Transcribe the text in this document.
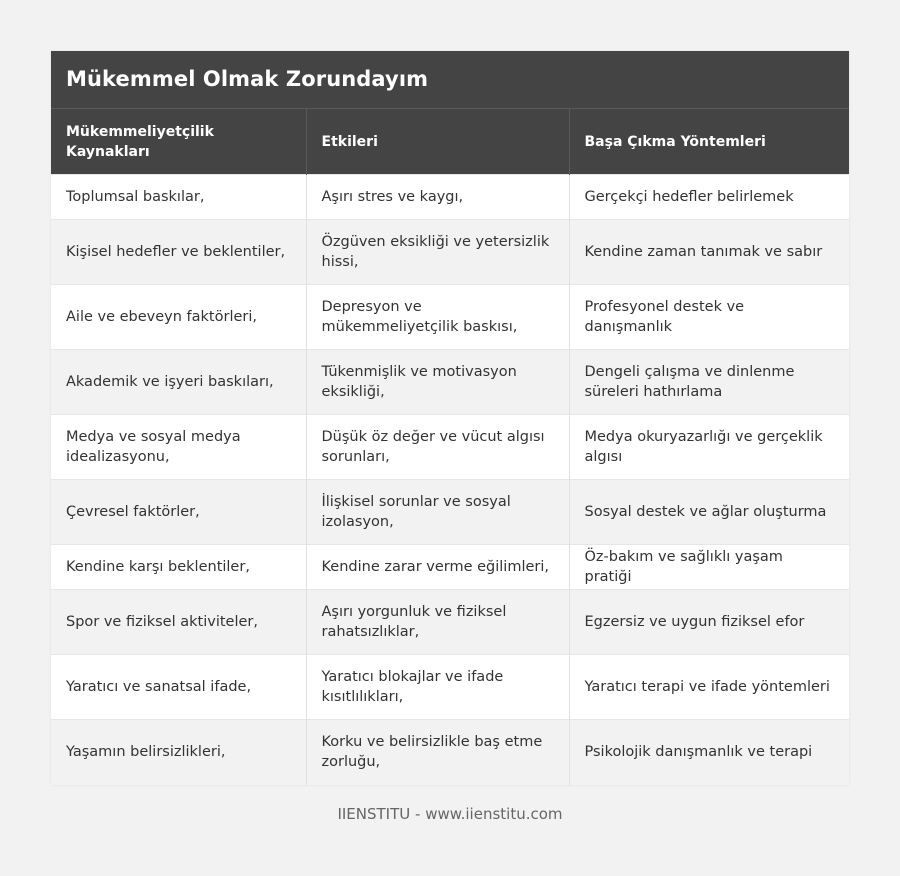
Mükemmel Olmak Zorundayım
Mükemmeliyetçilik Kaynakları	Etkileri	Başa Çıkma Yöntemleri
Toplumsal baskılar,	Aşırı stres ve kaygı,	Gerçekçi hedefler belirlemek
Kişisel hedefler ve beklentiler,	Özgüven eksikliği ve yetersizlik hissi,	Kendine zaman tanımak ve sabır
Aile ve ebeveyn faktörleri,	Depresyon ve mükemmeliyetçilik baskısı,	Profesyonel destek ve danışmanlık
Akademik ve işyeri baskıları,	Tükenmişlik ve motivasyon eksikliği,	Dengeli çalışma ve dinlenme süreleri hathırlama
Medya ve sosyal medya idealizasyonu,	Düşük öz değer ve vücut algısı sorunları,	Medya okuryazarlığı ve gerçeklik algısı
Çevresel faktörler,	İlişkisel sorunlar ve sosyal izolasyon,	Sosyal destek ve ağlar oluşturma
Kendine karşı beklentiler,	Kendine zarar verme eğilimleri,	Öz-bakım ve sağlıklı yaşam pratiği
Spor ve fiziksel aktiviteler,	Aşırı yorgunluk ve fiziksel rahatsızlıklar,	Egzersiz ve uygun fiziksel efor
Yaratıcı ve sanatsal ifade,	Yaratıcı blokajlar ve ifade kısıtlılıkları,	Yaratıcı terapi ve ifade yöntemleri
Yaşamın belirsizlikleri,	Korku ve belirsizlikle baş etme zorluğu,	Psikolojik danışmanlık ve terapi
IIENSTITU - www.iienstitu.com
